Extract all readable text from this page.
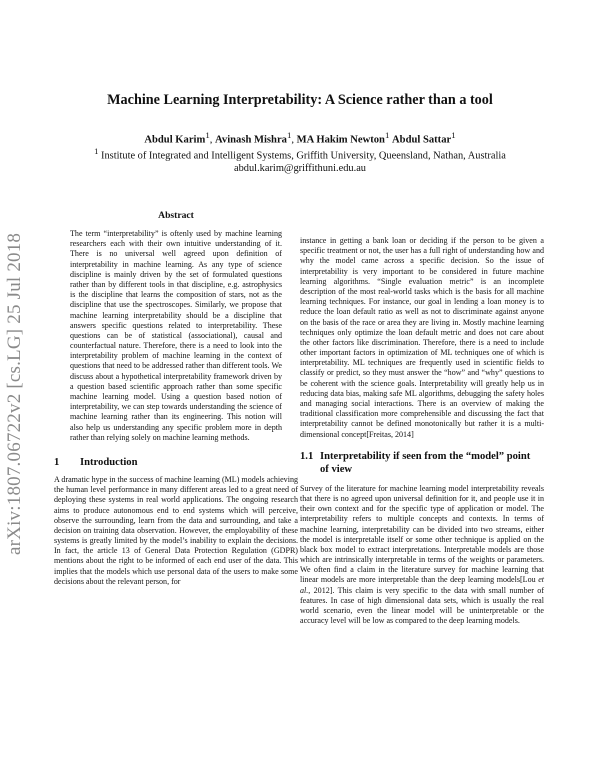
arXiv:1807.06722v2 [cs.LG] 25 Jul 2018
Machine Learning Interpretability: A Science rather than a tool
Abdul Karim$^1$, Avinash Mishra$^1$, MA Hakim Newton$^1$ Abdul Sattar$^1$
$^1$ Institute of Integrated and Intelligent Systems, Griffith University, Queensland, Nathan, Australia
abdul.karim@griffithuni.edu.au
Abstract

The term “interpretability” is oftenly used by machine learning researchers each with their own intuitive understanding of it. There is no universal well agreed upon definition of interpretability in machine learning. As any type of science discipline is mainly driven by the set of formulated questions rather than by different tools in that discipline, e.g. astrophysics is the discipline that learns the composition of stars, not as the discipline that use the spectroscopes. Similarly, we propose that machine learning interpretability should be a discipline that answers specific questions related to interpretability. These questions can be of statistical (associational), causal and counterfactual nature. Therefore, there is a need to look into the interpretability problem of machine learning in the context of questions that need to be addressed rather than different tools. We discuss about a hypothetical interpretability framework driven by a question based scientific approach rather than some specific machine learning model. Using a question based notion of interpretability, we can step towards understanding the science of machine learning rather than its engineering. This notion will also help us understanding any specific problem more in depth rather than relying solely on machine learning methods.

1 Introduction

A dramatic hype in the success of machine learning (ML) models achieving the human level performance in many different areas led to a great need of deploying these systems in real world applications. The ongoing research aims to produce autonomous end to end systems which will perceive, observe the surrounding, learn from the data and surrounding, and take a decision on training data observation. However, the employability of these systems is greatly limited by the model’s inability to explain the decisions. In fact, the article 13 of General Data Protection Regulation (GDPR) mentions about the right to be informed of each end user of the data. This implies that the models which use personal data of the users to make some decisions about the relevant person, for

instance in getting a bank loan or deciding if the person to be given a specific treatment or not, the user has a full right of understanding how and why the model came across a specific decision. So the issue of interpretability is very important to be considered in future machine learning algorithms. “Single evaluation metric” is an incomplete description of the most real-world tasks which is the basis for all machine learning techniques. For instance, our goal in lending a loan money is to reduce the loan default ratio as well as not to discriminate against anyone on the basis of the race or area they are living in. Mostly machine learning techniques only optimize the loan default metric and does not care about the other factors like discrimination. Therefore, there is a need to include other important factors in optimization of ML techniques one of which is interpretability. ML techniques are frequently used in scientific fields to classify or predict, so they must answer the “how” and “why” questions to be coherent with the science goals. Interpretability will greatly help us in reducing data bias, making safe ML algorithms, debugging the safety holes and managing social interactions. There is an overview of making the traditional classification more comprehensible and discussing the fact that interpretability cannot be defined monotonically but rather it is a multi-dimensional concept[Freitas, 2014]

1.1 Interpretability if seen from the “model” point of view

Survey of the literature for machine learning model interpretability reveals that there is no agreed upon universal definition for it, and people use it in their own context and for the specific type of application or model. The interpretability refers to multiple concepts and contexts. In terms of machine learning, interpretability can be divided into two streams, either the model is interpretable itself or some other technique is applied on the black box model to extract interpretations. Interpretable models are those which are intrinsically interpretable in terms of the weights or parameters. We often find a claim in the literature survey for machine learning that linear models are more interpretable than the deep learning models[Lou et al., 2012]. This claim is very specific to the data with small number of features. In case of high dimensional data sets, which is usually the real world scenario, even the linear model will be uninterpretable or the accuracy level will be low as compared to the deep learning models.
